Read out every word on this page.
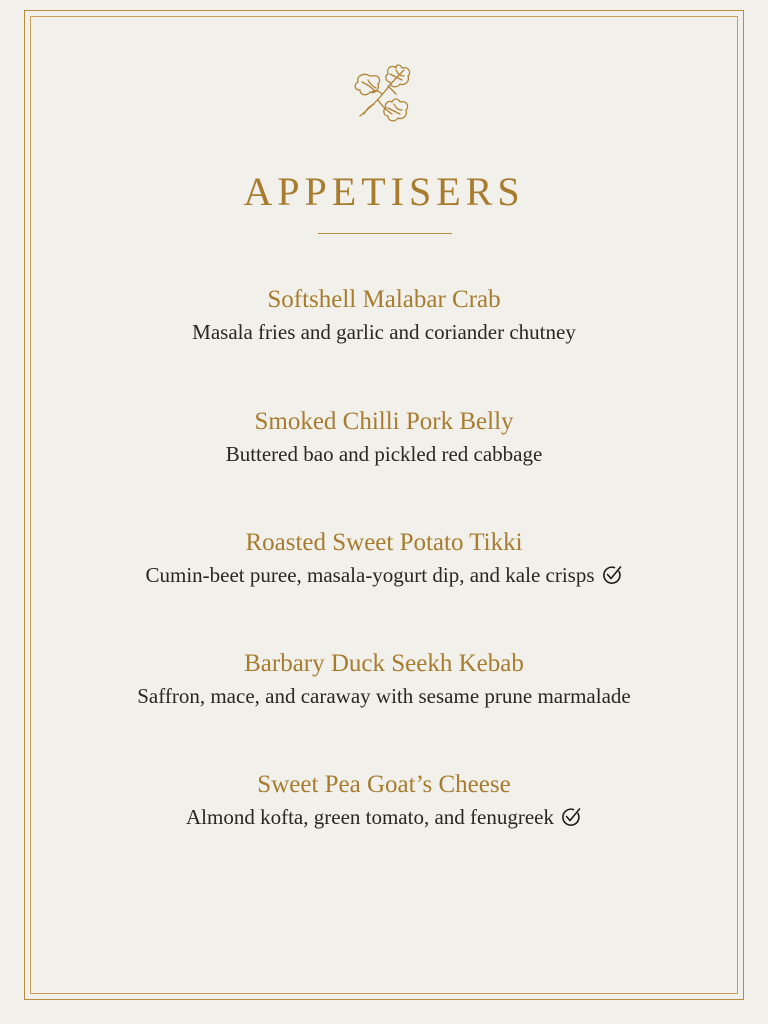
APPETISERS
Softshell Malabar Crab
Masala fries and garlic and coriander chutney
Smoked Chilli Pork Belly
Buttered bao and pickled red cabbage
Roasted Sweet Potato Tikki
Cumin-beet puree, masala-yogurt dip, and kale crisps
Barbary Duck Seekh Kebab
Saffron, mace, and caraway with sesame prune marmalade
Sweet Pea Goat’s Cheese
Almond kofta, green tomato, and fenugreek
